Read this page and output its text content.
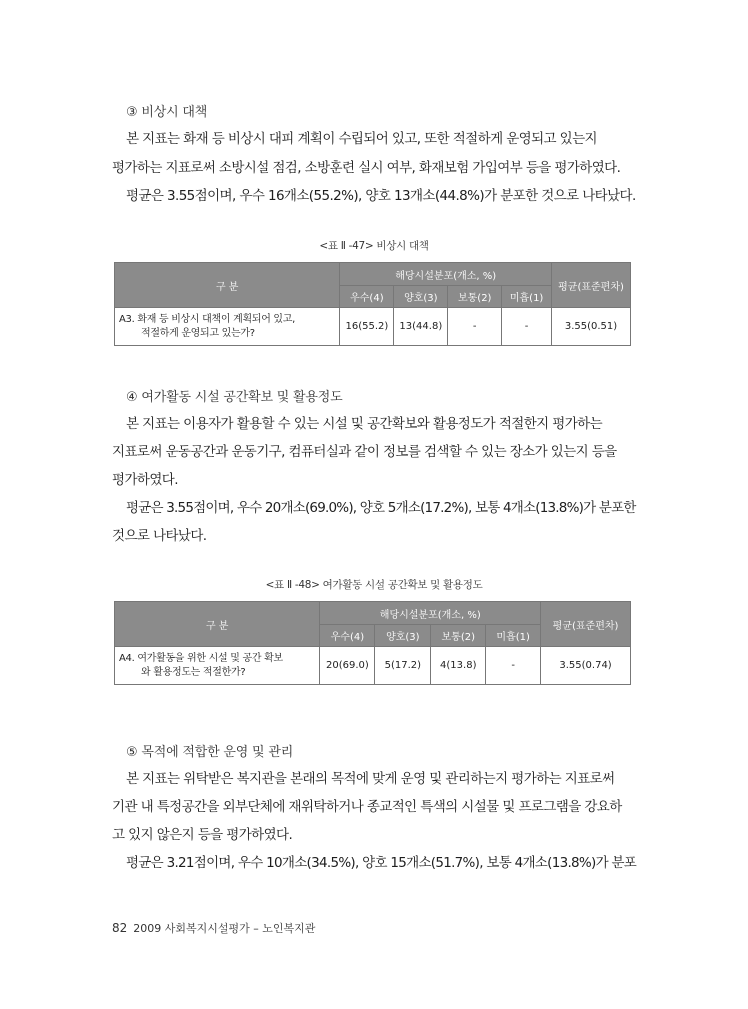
③ 비상시 대책
본 지표는 화재 등 비상시 대피 계획이 수립되어 있고, 또한 적절하게 운영되고 있는지
평가하는 지표로써 소방시설 점검, 소방훈련 실시 여부, 화재보험 가입여부 등을 평가하였다.
평균은 3.55점이며, 우수 16개소(55.2%), 양호 13개소(44.8%)가 분포한 것으로 나타났다.
<표 Ⅱ -47> 비상시 대책
구 분	해당시설분포(개소, %)				평균(표준편차)
	우수(4)	양호(3)	보통(2)	미흡(1)	
A3. 화재 등 비상시 대책이 계획되어 있고,
적절하게 운영되고 있는가?	16(55.2)	13(44.8)	-	-	3.55(0.51)
④ 여가활동 시설 공간확보 및 활용정도
본 지표는 이용자가 활용할 수 있는 시설 및 공간확보와 활용정도가 적절한지 평가하는
지표로써 운동공간과 운동기구, 컴퓨터실과 같이 정보를 검색할 수 있는 장소가 있는지 등을
평가하였다.
평균은 3.55점이며, 우수 20개소(69.0%), 양호 5개소(17.2%), 보통 4개소(13.8%)가 분포한
것으로 나타났다.
<표 Ⅱ -48> 여가활동 시설 공간확보 및 활용정도
구 분	해당시설분포(개소, %)				평균(표준편차)
	우수(4)	양호(3)	보통(2)	미흡(1)	
A4. 여가활동을 위한 시설 및 공간 확보
와 활용정도는 적절한가?	20(69.0)	5(17.2)	4(13.8)	-	3.55(0.74)
⑤ 목적에 적합한 운영 및 관리
본 지표는 위탁받은 복지관을 본래의 목적에 맞게 운영 및 관리하는지 평가하는 지표로써
기관 내 특정공간을 외부단체에 재위탁하거나 종교적인 특색의 시설물 및 프로그램을 강요하
고 있지 않은지 등을 평가하였다.
평균은 3.21점이며, 우수 10개소(34.5%), 양호 15개소(51.7%), 보통 4개소(13.8%)가 분포
82 2009 사회복지시설평가 – 노인복지관
